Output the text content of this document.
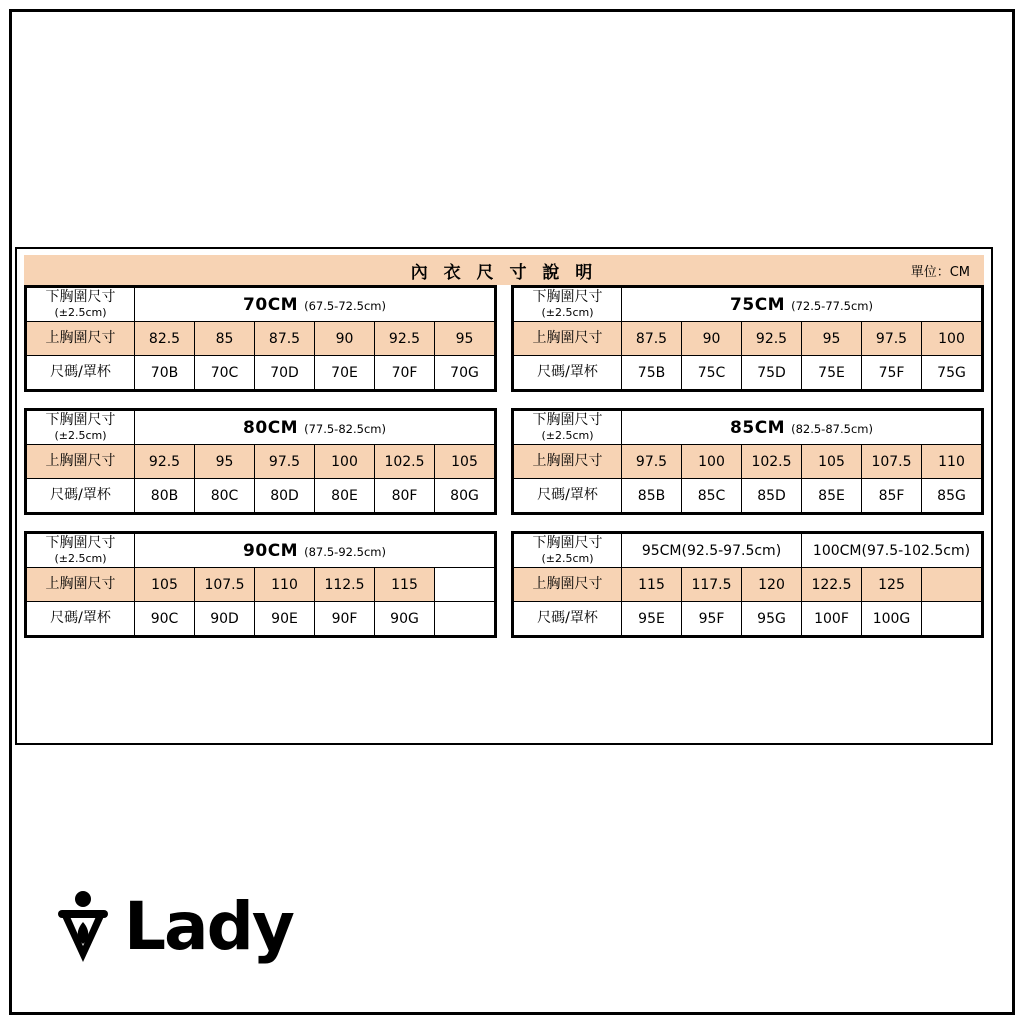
內 衣 尺 寸 說 明	單位：CM
下胸圍尺寸
(±2.5cm)	70CM (67.5-72.5cm)					
上胸圍尺寸	82.5	85	87.5	90	92.5	95
尺碼/罩杯	70B	70C	70D	70E	70F	70G
下胸圍尺寸
(±2.5cm)	75CM (72.5-77.5cm)					
上胸圍尺寸	87.5	90	92.5	95	97.5	100
尺碼/罩杯	75B	75C	75D	75E	75F	75G
下胸圍尺寸
(±2.5cm)	80CM (77.5-82.5cm)					
上胸圍尺寸	92.5	95	97.5	100	102.5	105
尺碼/罩杯	80B	80C	80D	80E	80F	80G
下胸圍尺寸
(±2.5cm)	85CM (82.5-87.5cm)					
上胸圍尺寸	97.5	100	102.5	105	107.5	110
尺碼/罩杯	85B	85C	85D	85E	85F	85G
下胸圍尺寸
(±2.5cm)	90CM (87.5-92.5cm)					
上胸圍尺寸	105	107.5	110	112.5	115	
尺碼/罩杯	90C	90D	90E	90F	90G	
下胸圍尺寸
(±2.5cm)	95CM(92.5-97.5cm)			100CM(97.5-102.5cm)		
上胸圍尺寸	115	117.5	120	122.5	125	
尺碼/罩杯	95E	95F	95G	100F	100G	
Lady
